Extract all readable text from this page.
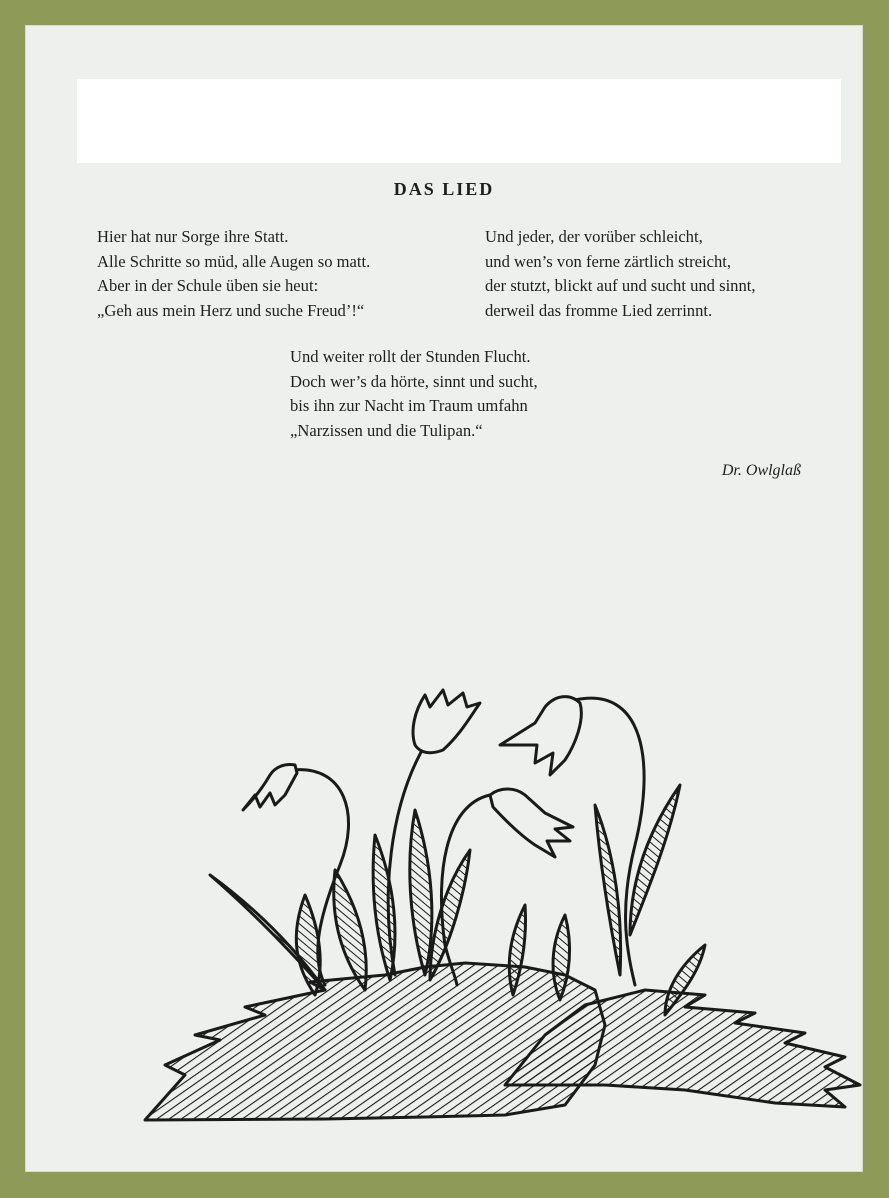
DAS LIED
Hier hat nur Sorge ihre Statt.
Alle Schritte so müd, alle Augen so matt.
Aber in der Schule üben sie heut:
„Geh aus mein Herz und suche Freud’!“
Und jeder, der vorüber schleicht,
und wen’s von ferne zärtlich streicht,
der stutzt, blickt auf und sucht und sinnt,
derweil das fromme Lied zerrinnt.
Und weiter rollt der Stunden Flucht.
Doch wer’s da hörte, sinnt und sucht,
bis ihn zur Nacht im Traum umfahn
„Narzissen und die Tulipan.“
Dr. Owlglaß
